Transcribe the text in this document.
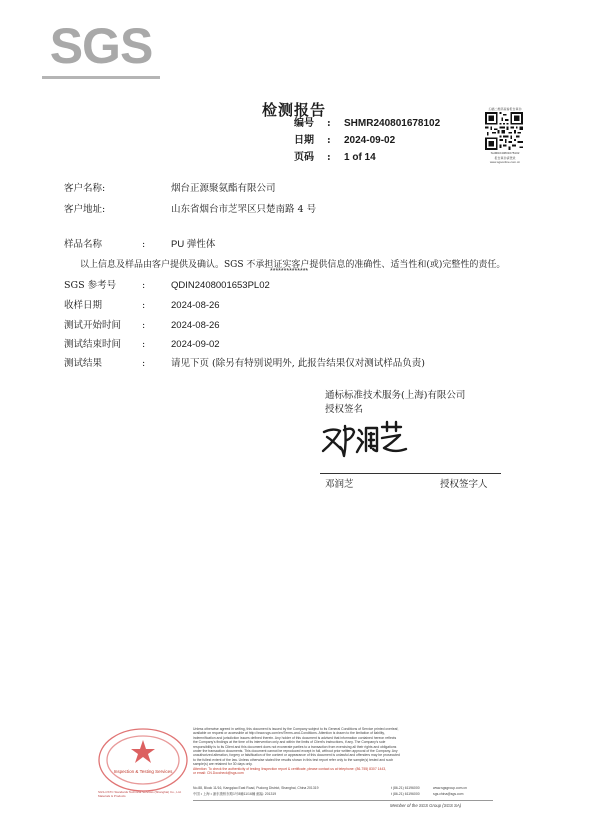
SGS
检测报告
编号	:	SHMR240801678102
日期	:	2024-09-02
页码	:	1 of 14
扫描二维码查看报告真伪
SHMR240801678102
报告真伪请登录
www.sgsonline.com.cn
客户名称:	烟台正源聚氨酯有限公司
客户地址:	山东省烟台市芝罘区只楚南路 4 号
样品名称	:	PU 弹性体
以上信息及样品由客户提供及确认。SGS 不承担证实客户提供信息的准确性、适当性和(或)完整性的责任。
**************
SGS 参考号	:	QDIN2408001653PL02
收样日期	:	2024-08-26
测试开始时间 :	2024-08-26
测试结束时间 :	2024-09-02
测试结果	:	请见下页 (除另有特别说明外, 此报告结果仅对测试样品负责)
通标标准技术服务(上海)有限公司
授权签名
邓润芝	授权签字人
Inspection & Testing Services
SGS-CSTC Standards Technical Services (Shanghai) Co., Ltd. Materials & Products
Unless otherwise agreed in writing, this document is issued by the Company subject to its General Conditions of Service printed overleaf,
available on request or accessible at http://www.sgs.com/en/Terms-and-Conditions. Attention is drawn to the limitation of liability,
indemnification and jurisdiction issues defined therein. Any holder of this document is advised that information contained hereon reflects
the Company's findings at the time of its intervention only and within the limits of Client's instructions, if any. The Company's sole
responsibility is to its Client and this document does not exonerate parties to a transaction from exercising all their rights and obligations
under the transaction documents. This document cannot be reproduced except in full, without prior written approval of the Company. Any
unauthorized alteration, forgery or falsification of the content or appearance of this document is unlawful and offenders may be prosecuted
to the fullest extent of the law. Unless otherwise stated the results shown in this test report refer only to the sample(s) tested and such
sample(s) are retained for 30 days only.
Attention: To check the authenticity of testing /inspection report & certificate, please contact us at telephone: (86-755) 8307 1443,
or email: CN.Doccheck@sgs.com
No.88, Block 11/16, Kangqiao East Road, Pudong District, Shanghai, China 201319	t (86-21) 61196000	www.sgsgroup.com.cn
中国 • 上海 • 浦东康桥东路1号8幢11/16幢 邮编: 201319	t (86-21) 61196000	sgs.china@sgs.com
Member of the SGS Group (SGS SA)
